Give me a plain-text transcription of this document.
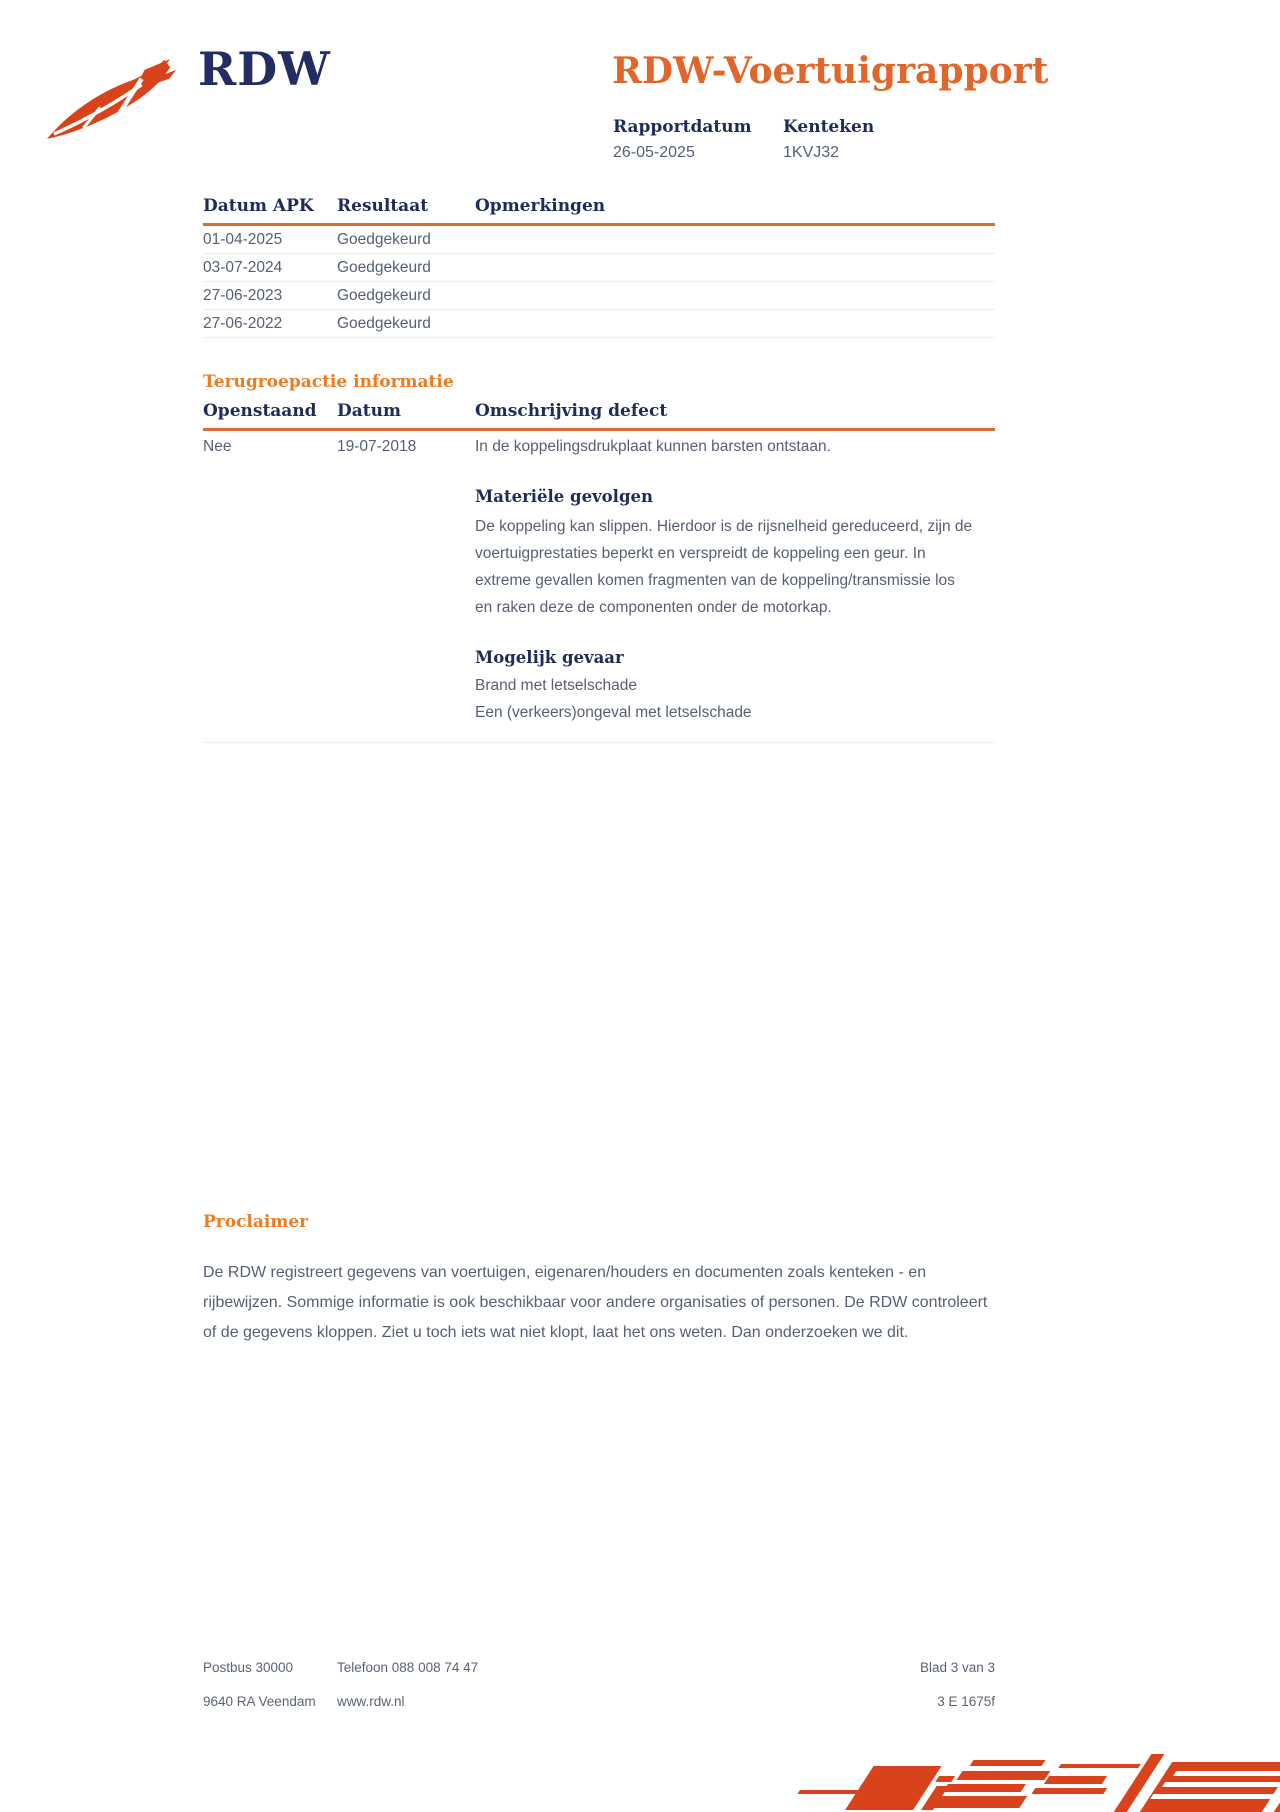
RDW	RDW-Voertuigrapport
Rapportdatum
26-05-2025
Kenteken
1KVJ32
Datum APK	Resultaat	Opmerkingen
01-04-2025	Goedgekeurd
03-07-2024	Goedgekeurd
27-06-2023	Goedgekeurd
27-06-2022	Goedgekeurd
Terugroepactie informatie
Openstaand	Datum	Omschrijving defect
Nee	19-07-2018	In de koppelingsdrukplaat kunnen barsten ontstaan.
Materiële gevolgen
De koppeling kan slippen. Hierdoor is de rijsnelheid gereduceerd, zijn de voertuigprestaties beperkt en verspreidt de koppeling een geur. In extreme gevallen komen fragmenten van de koppeling/transmissie los en raken deze de componenten onder de motorkap.
Mogelijk gevaar
Brand met letselschade
Een (verkeers)ongeval met letselschade
Proclaimer
De RDW registreert gegevens van voertuigen, eigenaren/houders en documenten zoals kenteken - en rijbewijzen. Sommige informatie is ook beschikbaar voor andere organisaties of personen. De RDW controleert of de gegevens kloppen. Ziet u toch iets wat niet klopt, laat het ons weten. Dan onderzoeken we dit.
Postbus 30000	Telefoon 088 008 74 47	Blad 3 van 3
9640 RA Veendam	www.rdw.nl	3 E 1675f
